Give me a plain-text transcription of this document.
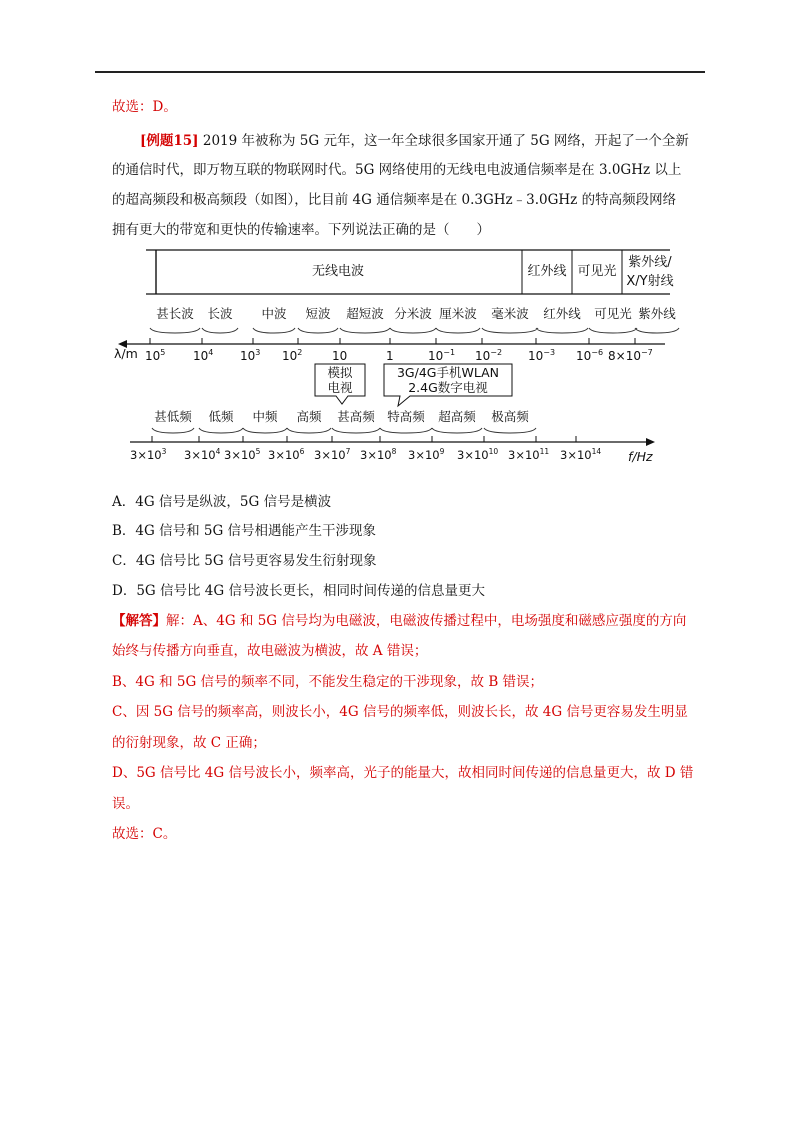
故选：D。
[例题15] 2019 年被称为 5G 元年，这一年全球很多国家开通了 5G 网络，开起了一个全新
的通信时代，即万物互联的物联网时代。5G 网络使用的无线电电波通信频率是在 3.0GHz 以上
的超高频段和极高频段（如图），比目前 4G 通信频率是在 0.3GHz﹣3.0GHz 的特高频段网络
拥有更大的带宽和更快的传输速率。下列说法正确的是（　　）
无线电波	红外线 可见光
紫外线/
X/Y射线
甚长波 长波 中波 短波 超短波 分米波 厘米波 毫米波 红外线 可见光 紫外线
λ/m $10^5$ $10^4$ $10^3$ $10^2$ 10	1	$10^{-1}$ $10^{-2}$ $10^{-3}$ $10^{-6}$ $8\times 10^{-7}$
模拟
电视
3G/4G手机WLAN
2.4G数字电视
甚低频 低频 中频 高频 甚高频 特高频 超高频 极高频
$3\times 10^3$ $3\times 10^4$ $3\times 10^5$ $3\times 10^6$ $3\times 10^7$ $3\times 10^8$ $3\times 10^9$ $3\times 10^{10}$ $3\times 10^{11}$ $3\times 10^{14}$ f/Hz
A．4G 信号是纵波，5G 信号是横波
B．4G 信号和 5G 信号相遇能产生干涉现象
C．4G 信号比 5G 信号更容易发生衍射现象
D．5G 信号比 4G 信号波长更长，相同时间传递的信息量更大
【解答】解：A、4G 和 5G 信号均为电磁波，电磁波传播过程中，电场强度和磁感应强度的方向
始终与传播方向垂直，故电磁波为横波，故 A 错误；
B、4G 和 5G 信号的频率不同，不能发生稳定的干涉现象，故 B 错误；
C、因 5G 信号的频率高，则波长小，4G 信号的频率低，则波长长，故 4G 信号更容易发生明显
的衍射现象，故 C 正确；
D、5G 信号比 4G 信号波长小，频率高，光子的能量大，故相同时间传递的信息量更大，故 D 错
误。
故选：C。
